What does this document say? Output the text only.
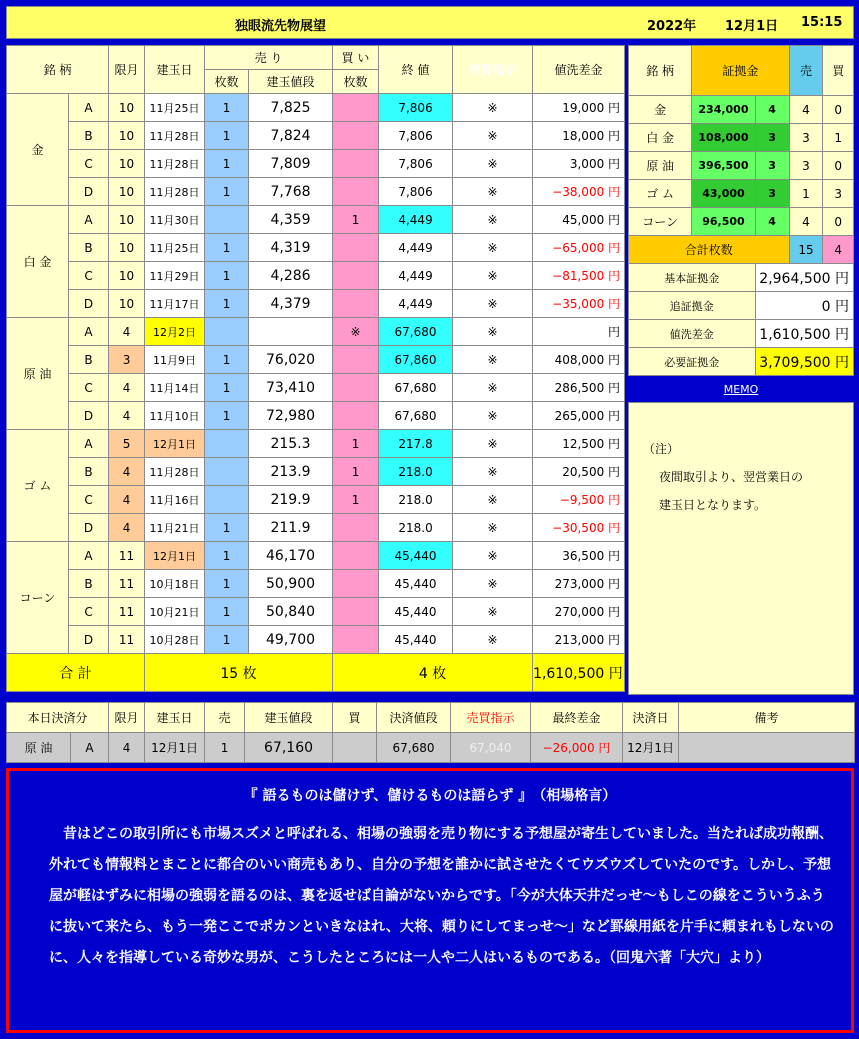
独眼流先物展望	2022年 12月1日 15:15
銘 柄		限月	建玉日	売 り		買 い	終 値	売買指示	値洗差金
				枚数	建玉値段	枚数			
金	A	10	11月25日	1	7,825		7,806	※	19,000 円
	B	10	11月28日	1	7,824		7,806	※	18,000 円
	C	10	11月28日	1	7,809		7,806	※	3,000 円
	D	10	11月28日	1	7,768		7,806	※	−38,000 円
白 金	A	10	11月30日		4,359	1	4,449	※	45,000 円
	B	10	11月25日	1	4,319		4,449	※	−65,000 円
	C	10	11月29日	1	4,286		4,449	※	−81,500 円
	D	10	11月17日	1	4,379		4,449	※	−35,000 円
原 油	A	4	12月2日			※	67,680	※	円
	B	3	11月9日	1	76,020		67,860	※	408,000 円
	C	4	11月14日	1	73,410		67,680	※	286,500 円
	D	4	11月10日	1	72,980		67,680	※	265,000 円
ゴ ム	A	5	12月1日		215.3	1	217.8	※	12,500 円
	B	4	11月28日		213.9	1	218.0	※	20,500 円
	C	4	11月16日		219.9	1	218.0	※	−9,500 円
	D	4	11月21日	1	211.9		218.0	※	−30,500 円
コーン	A	11	12月1日	1	46,170		45,440	※	36,500 円
	B	11	10月18日	1	50,900		45,440	※	273,000 円
	C	11	10月21日	1	50,840		45,440	※	270,000 円
	D	11	10月28日	1	49,700		45,440	※	213,000 円
合 計			15 枚			4 枚			1,610,500 円
銘 柄	証拠金		売	買
金	234,000	4	4	0
白 金	108,000	3	3	1
原 油	396,500	3	3	0
ゴ ム	43,000	3	1	3
コーン	96,500	4	4	0
合計枚数			15	4
基本証拠金		2,964,500 円		
追証拠金		0 円		
値洗差金		1,610,500 円		
必要証拠金		3,709,500 円		
MEMO
（注）
夜間取引より、翌営業日の
建玉日となります。
本日決済分		限月	建玉日	売	建玉値段	買	決済値段	売買指示	最終差金	決済日	備考
原 油	A	4	12月1日	1	67,160		67,680	67,040	−26,000 円	12月1日	
『 語るものは儲けず、儲けるものは語らず 』　（相場格言）
昔はどこの取引所にも市場スズメと呼ばれる、相場の強弱を売り物にする予想屋が寄生していました。当たれば成功報酬、外れても情報料とまことに都合のいい商売もあり、自分の予想を誰かに試させたくてウズウズしていたのです。しかし、予想屋が軽はずみに相場の強弱を語るのは、裏を返せば自論がないからです。「今が大体天井だっせ〜もしこの線をこういうふうに抜いて来たら、もう一発ここでポカンといきなはれ、大将、頼りにしてまっせ〜」など罫線用紙を片手に頼まれもしないのに、人々を指導している奇妙な男が、こうしたところには一人や二人はいるものである。（回鬼六著「大穴」より）
